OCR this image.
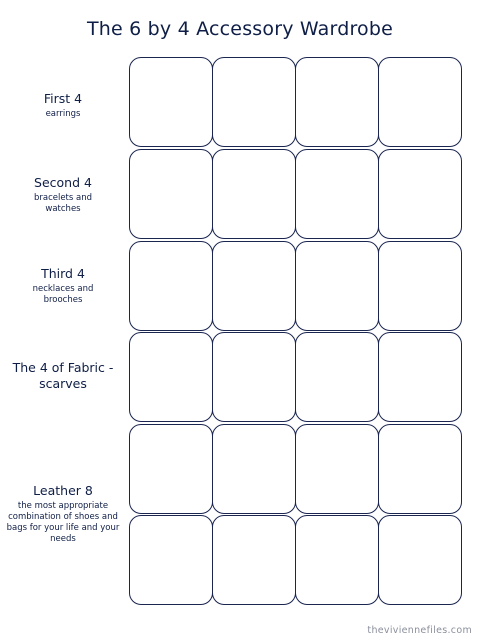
The 6 by 4 Accessory Wardrobe
First 4
earrings
Second 4
bracelets and watches
Third 4
necklaces and brooches
The 4 of Fabric - scarves
Leather 8
the most appropriate combination of shoes and bags for your life and your needs
theviviennefiles.com
